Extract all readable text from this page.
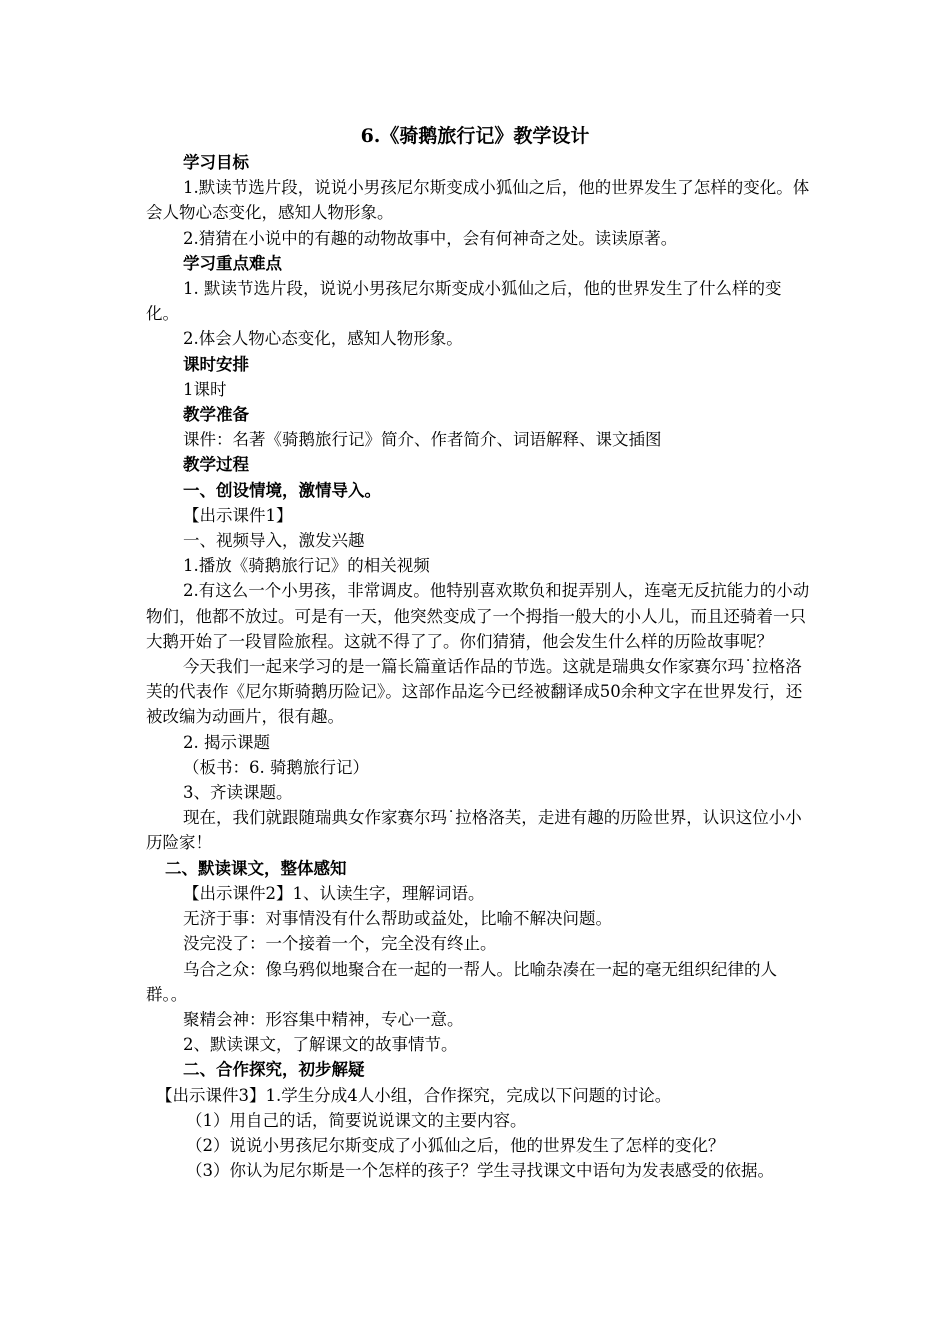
6.《骑鹅旅行记》教学设计

学习目标

1.默读节选片段，说说小男孩尼尔斯变成小狐仙之后，他的世界发生了怎样的变化。体会人物心态变化，感知人物形象。

2.猜猜在小说中的有趣的动物故事中，会有何神奇之处。读读原著。

学习重点难点

1. 默读节选片段，说说小男孩尼尔斯变成小狐仙之后，他的世界发生了什么样的变化。

2.体会人物心态变化，感知人物形象。

课时安排

1课时

教学准备

课件：名著《骑鹅旅行记》简介、作者简介、词语解释、课文插图

教学过程

一、创设情境，激情导入。

【出示课件1】

一、视频导入，激发兴趣

1.播放《骑鹅旅行记》的相关视频

2.有这么一个小男孩，非常调皮。他特别喜欢欺负和捉弄别人，连毫无反抗能力的小动物们，他都不放过。可是有一天，他突然变成了一个拇指一般大的小人儿，而且还骑着一只大鹅开始了一段冒险旅程。这就不得了了。你们猜猜，他会发生什么样的历险故事呢？

今天我们一起来学习的是一篇长篇童话作品的节选。这就是瑞典女作家赛尔玛˙拉格洛芙的代表作《尼尔斯骑鹅历险记》。这部作品迄今已经被翻译成50余种文字在世界发行，还被改编为动画片，很有趣。

2. 揭示课题

（板书：6. 骑鹅旅行记）

3、齐读课题。

现在，我们就跟随瑞典女作家赛尔玛˙拉格洛芙，走进有趣的历险世界，认识这位小小历险家！

二、默读课文，整体感知

【出示课件2】1、认读生字，理解词语。

无济于事：对事情没有什么帮助或益处，比喻不解决问题。

没完没了：一个接着一个，完全没有终止。

乌合之众：像乌鸦似地聚合在一起的一帮人。比喻杂凑在一起的毫无组织纪律的人群。。

聚精会神：形容集中精神，专心一意。

2、默读课文，了解课文的故事情节。

二、合作探究，初步解疑

【出示课件3】1.学生分成4人小组，合作探究，完成以下问题的讨论。

（1）用自己的话，简要说说课文的主要内容。

（2）说说小男孩尼尔斯变成了小狐仙之后，他的世界发生了怎样的变化？

（3）你认为尼尔斯是一个怎样的孩子？学生寻找课文中语句为发表感受的依据。
